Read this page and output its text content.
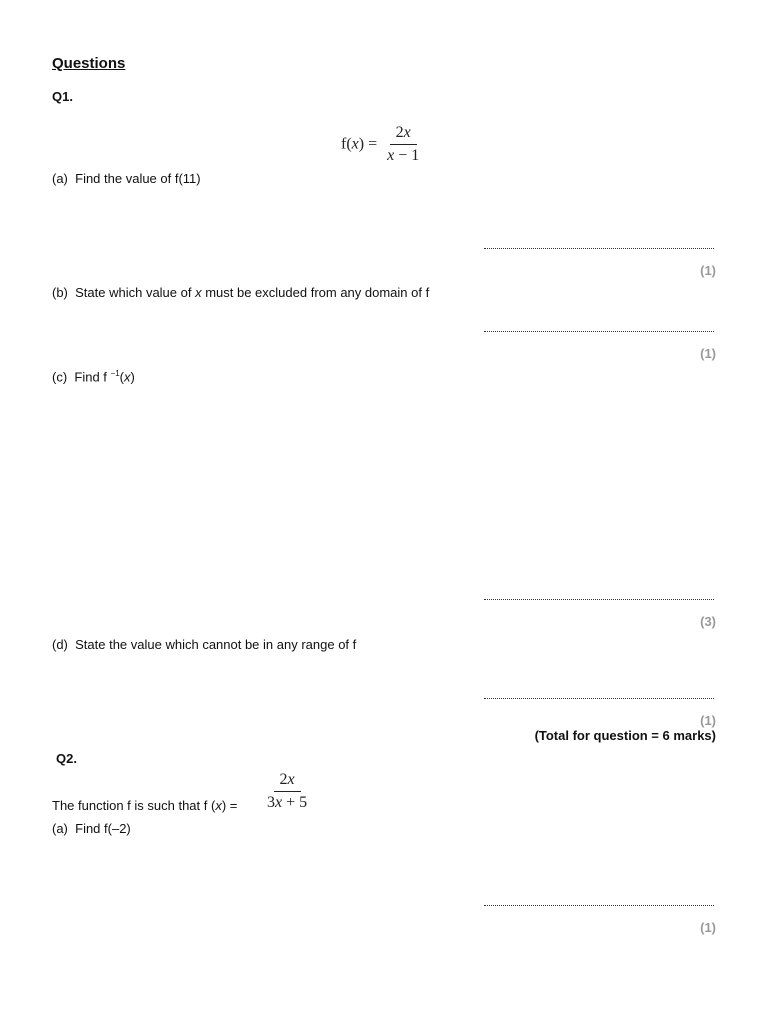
Questions
Q1.
$f(x) = \frac{2x}{x - 1}$
(a) Find the value of f(11)
(1)
(b) State which value of x must be excluded from any domain of f
(1)
(c) Find f $^{-1}$(x)
(3)
(d) State the value which cannot be in any range of f
(1)
(Total for question = 6 marks)
Q2.
The function f is such that f $(x) = \frac{2x}{3x + 5}$
(a) Find f(–2)
(1)
